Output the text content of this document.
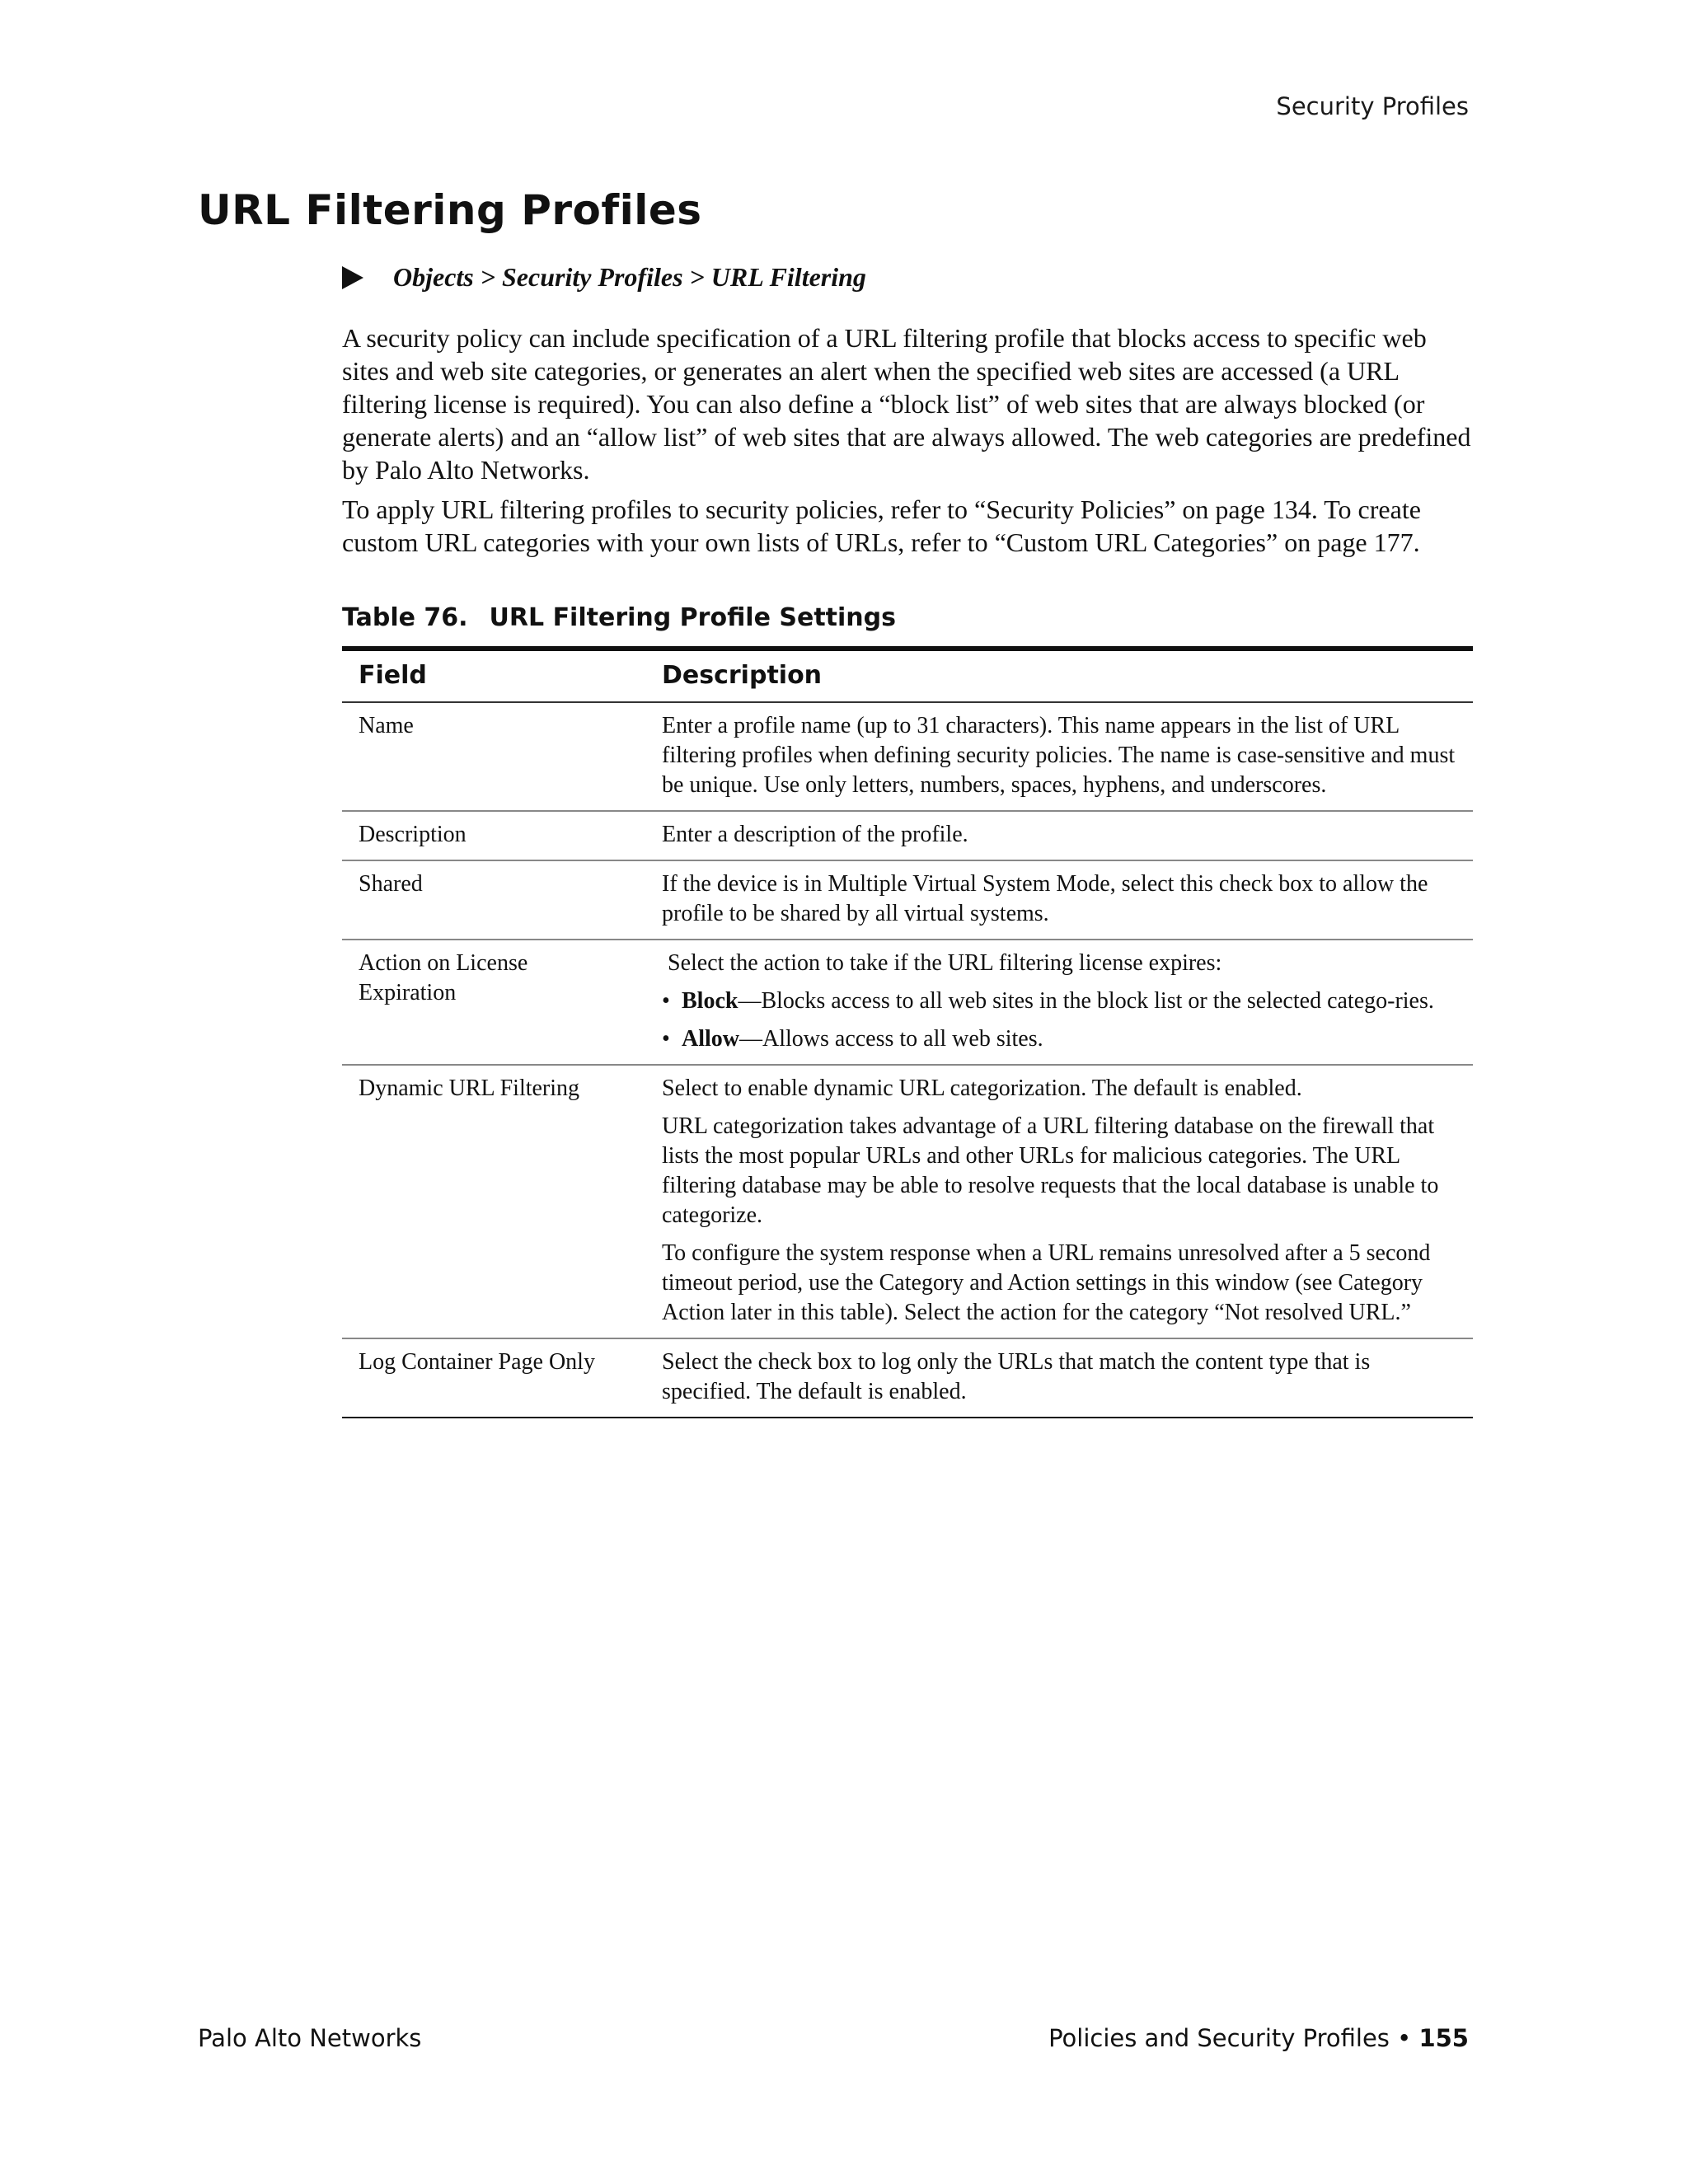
Security Profiles
URL Filtering Profiles
Objects > Security Profiles > URL Filtering

A security policy can include specification of a URL filtering profile that blocks access to specific web sites and web site categories, or generates an alert when the specified web sites are accessed (a URL filtering license is required). You can also define a “block list” of web sites that are always blocked (or generate alerts) and an “allow list” of web sites that are always allowed. The web categories are predefined by Palo Alto Networks.

To apply URL filtering profiles to security policies, refer to “Security Policies” on page 134. To create custom URL categories with your own lists of URLs, refer to “Custom URL Categories” on page 177.

Table 76. URL Filtering Profile Settings
Field	Description
Name	Enter a profile name (up to 31 characters). This name appears in the list of URL filtering profiles when defining security policies. The name is case-sensitive and must be unique. Use only letters, numbers, spaces, hyphens, and underscores.

Description	Enter a description of the profile.

Shared	If the device is in Multiple Virtual System Mode, select this check box to allow the profile to be shared by all virtual systems.

Action on License Expiration	Select the action to take if the URL filtering license expires:

• Block—Blocks access to all web sites in the block list or the selected catego-ries.
• Allow—Allows access to all web sites.

Dynamic URL Filtering	Select to enable dynamic URL categorization. The default is enabled.

URL categorization takes advantage of a URL filtering database on the firewall that lists the most popular URLs and other URLs for malicious categories. The URL filtering database may be able to resolve requests that the local database is unable to categorize.

To configure the system response when a URL remains unresolved after a 5 second timeout period, use the Category and Action settings in this window (see Category Action later in this table). Select the action for the category “Not resolved URL.”

Log Container Page Only	Select the check box to log only the URLs that match the content type that is specified. The default is enabled.

Palo Alto Networks	Policies and Security Profiles • 155
